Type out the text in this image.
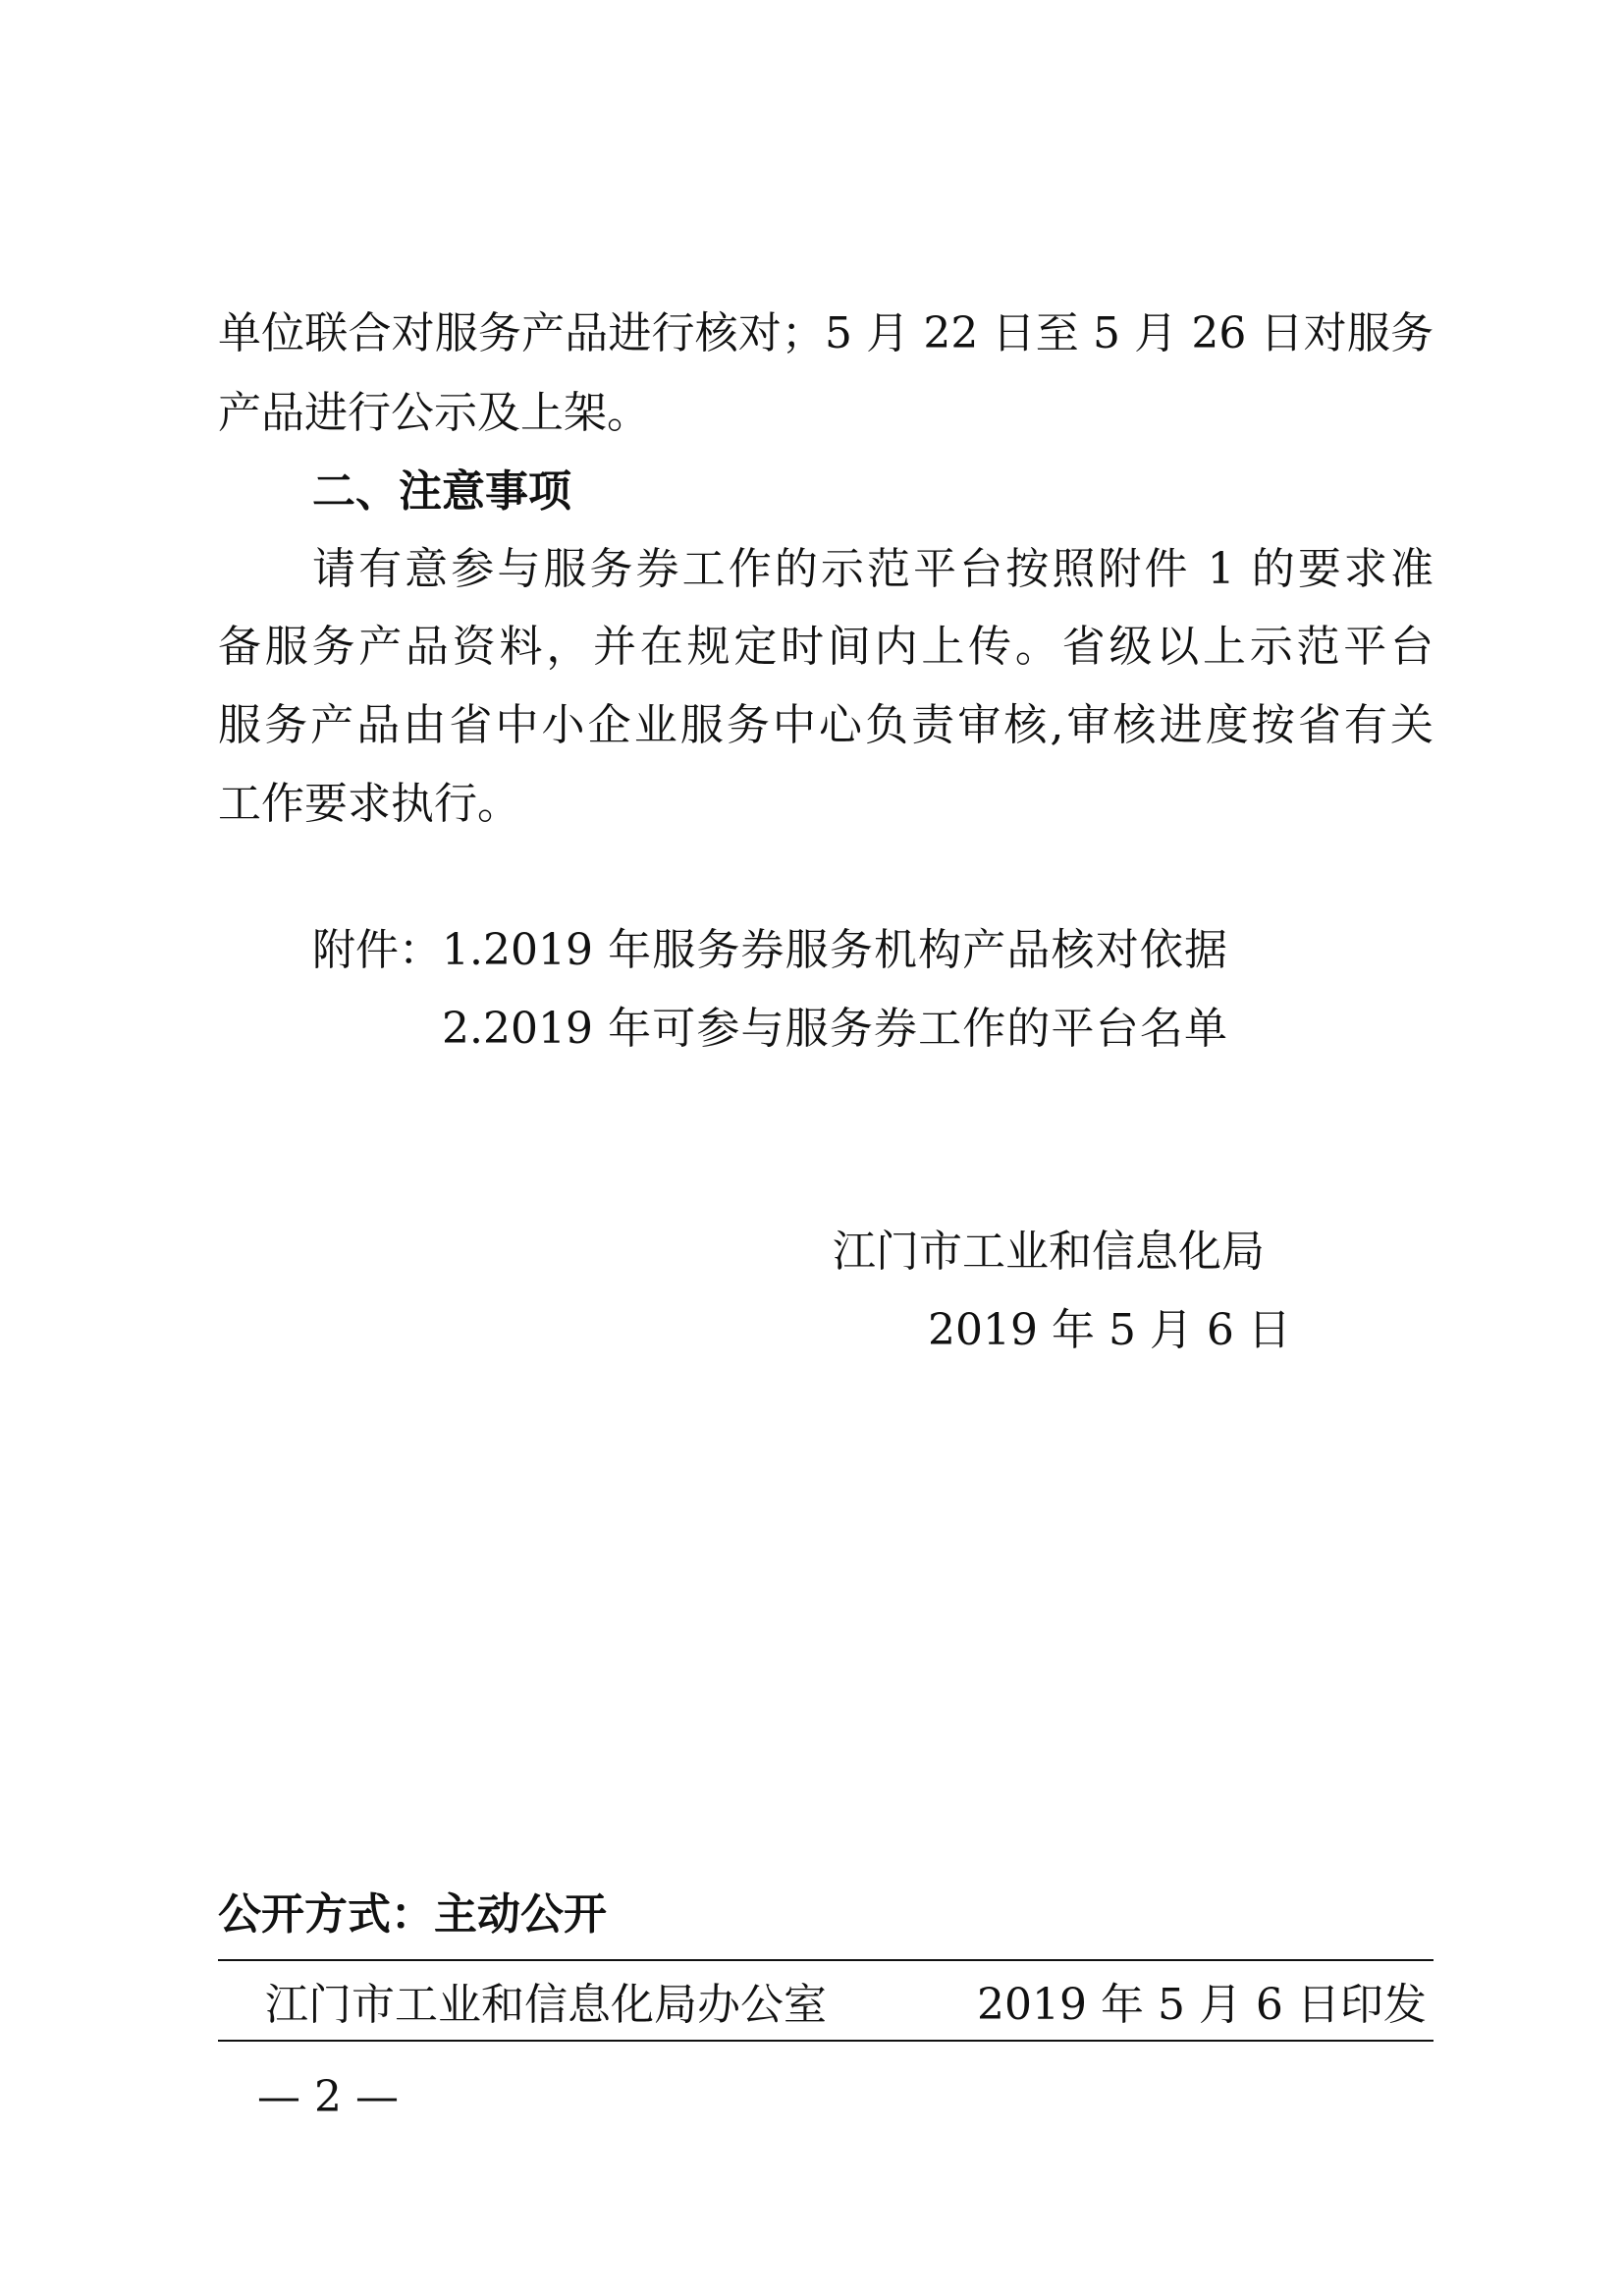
单位联合对服务产品进行核对；5 月 22 日至 5 月 26 日对服务
产品进行公示及上架。
二、注意事项
请有意参与服务券工作的示范平台按照附件 1 的要求准
备服务产品资料，并在规定时间内上传。省级以上示范平台
服务产品由省中小企业服务中心负责审核,审核进度按省有关
工作要求执行。
附件： 1.2019 年服务券服务机构产品核对依据
2.2019 年可参与服务券工作的平台名单
江门市工业和信息化局
2019 年 5 月 6 日
公开方式：主动公开
江门市工业和信息化局办公室	2019 年 5 月 6 日印发
— 2 —
